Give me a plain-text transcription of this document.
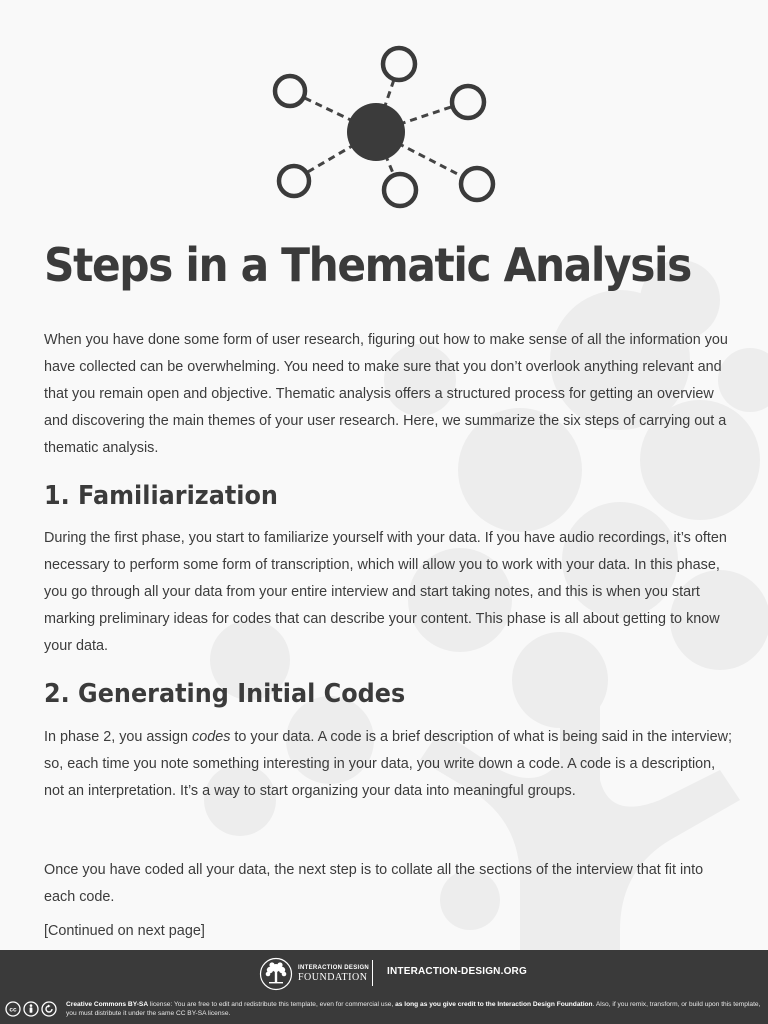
Steps in a Thematic Analysis

When you have done some form of user research, figuring out how to make sense of all the information you have collected can be overwhelming. You need to make sure that you don’t overlook anything relevant and that you remain open and objective. Thematic analysis offers a structured process for getting an overview and discovering the main themes of your user research. Here, we summarize the six steps of carrying out a thematic analysis.

1. Familiarization

During the first phase, you start to familiarize yourself with your data. If you have audio recordings, it’s often necessary to perform some form of transcription, which will allow you to work with your data. In this phase, you go through all your data from your entire interview and start taking notes, and this is when you start marking preliminary ideas for codes that can describe your content. This phase is all about getting to know your data.

2. Generating Initial Codes

In phase 2, you assign codes to your data. A code is a brief description of what is being said in the interview; so, each time you note something interesting in your data, you write down a code. A code is a description, not an interpretation. It’s a way to start organizing your data into meaningful groups.

Once you have coded all your data, the next step is to collate all the sections of the interview that fit into each code.

[Continued on next page]

INTERACTION DESIGN
FOUNDATION
INTERACTION-DESIGN.ORG
cc
Creative Commons BY-SA license: You are free to edit and redistribute this template, even for commercial use, as long as you give credit to the Interaction Design Foundation. Also, if you remix, transform, or build upon this template, you must distribute it under the same CC BY-SA license.
